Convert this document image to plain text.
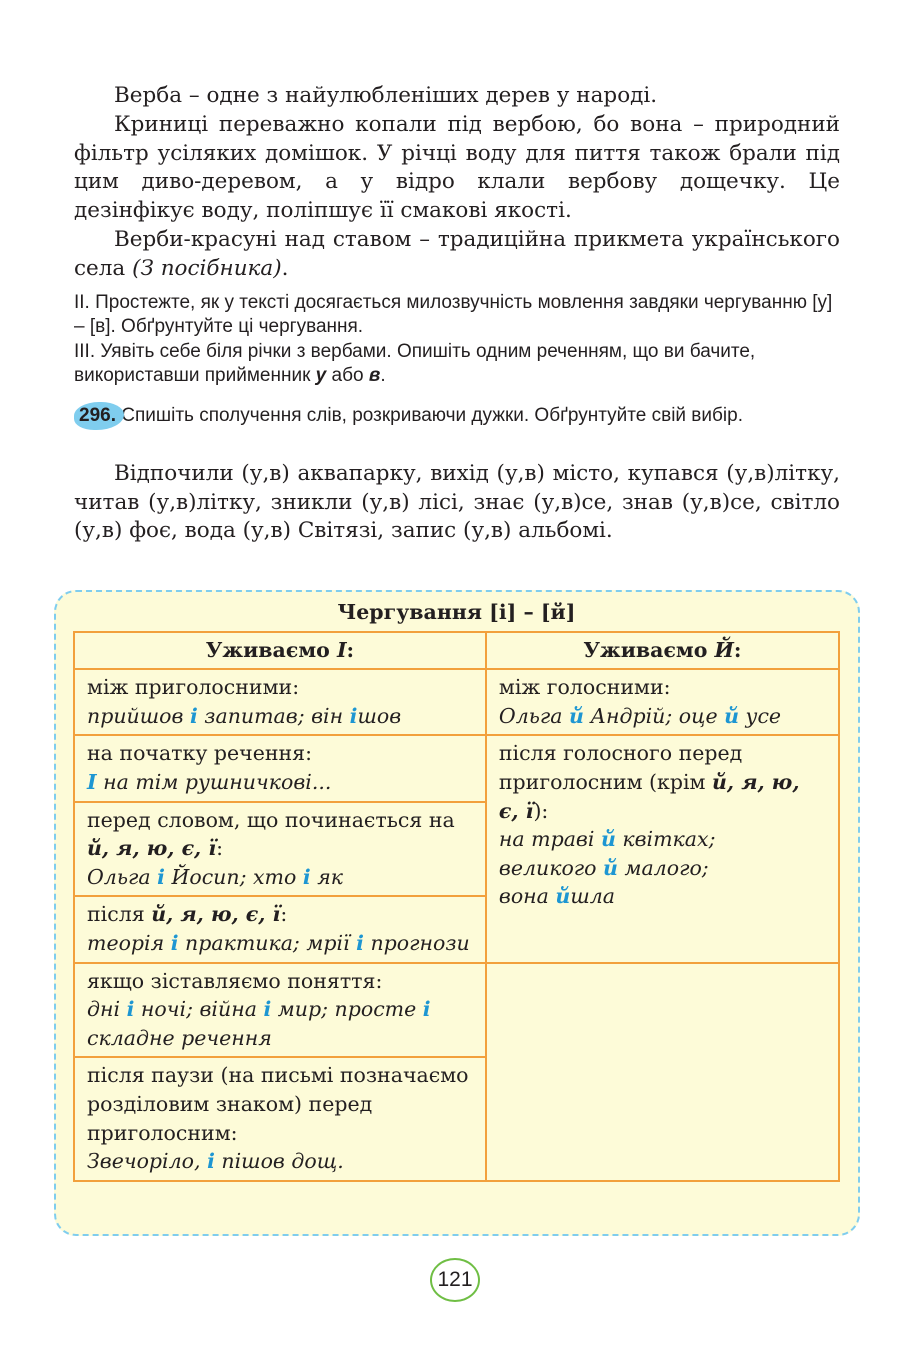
Верба – одне з найулюбленіших дерев у народі.

Криниці переважно копали під вербою, бо вона – природний фільтр усіляких домішок. У річці воду для пиття також брали під цим диво-деревом, а у відро клали вербову дощечку. Це дезінфікує воду, поліпшує її смакові якості.

Верби-красуні над ставом – традиційна прикмета українського села (З посібника).

II. Простежте, як у тексті досягається милозвучність мовлення завдяки чергуванню [у] – [в]. Обґрунтуйте ці чергування.

III. Уявіть себе біля річки з вербами. Опишіть одним реченням, що ви бачите, використавши прийменник у або в.

296. Спишіть сполучення слів, розкриваючи дужки. Обґрунтуйте свій вибір.

Відпочили (у,в) аквапарку, вихід (у,в) місто, купався (у,в)літку, читав (у,в)літку, зникли (у,в) лісі, знає (у,в)се, знав (у,в)се, світло (у,в) фоє, вода (у,в) Світязі, запис (у,в) альбомі.

Чергування [і] – [й]	
Уживаємо І:	Уживаємо Й:
між приголосними:
прийшов і запитав; він ішов	між голосними:
Ольга й Андрій; оце й усе
на початку речення:
І на тім рушничкові...	після голосного перед приголосним (крім й, я, ю, є, ї):
на траві й квітках;
великого й малого;
вона йшла
перед словом, що починається на й, я, ю, є, ї:
Ольга і Йосип; хто і як	
після й, я, ю, є, ї:
теорія і практика; мрії і прогнози	
якщо зіставляємо поняття:
дні і ночі; війна і мир; просте і складне речення	
після паузи (на письмі позначаємо розділовим знаком) перед приголосним:
Звечоріло, і пішов дощ.	
121
